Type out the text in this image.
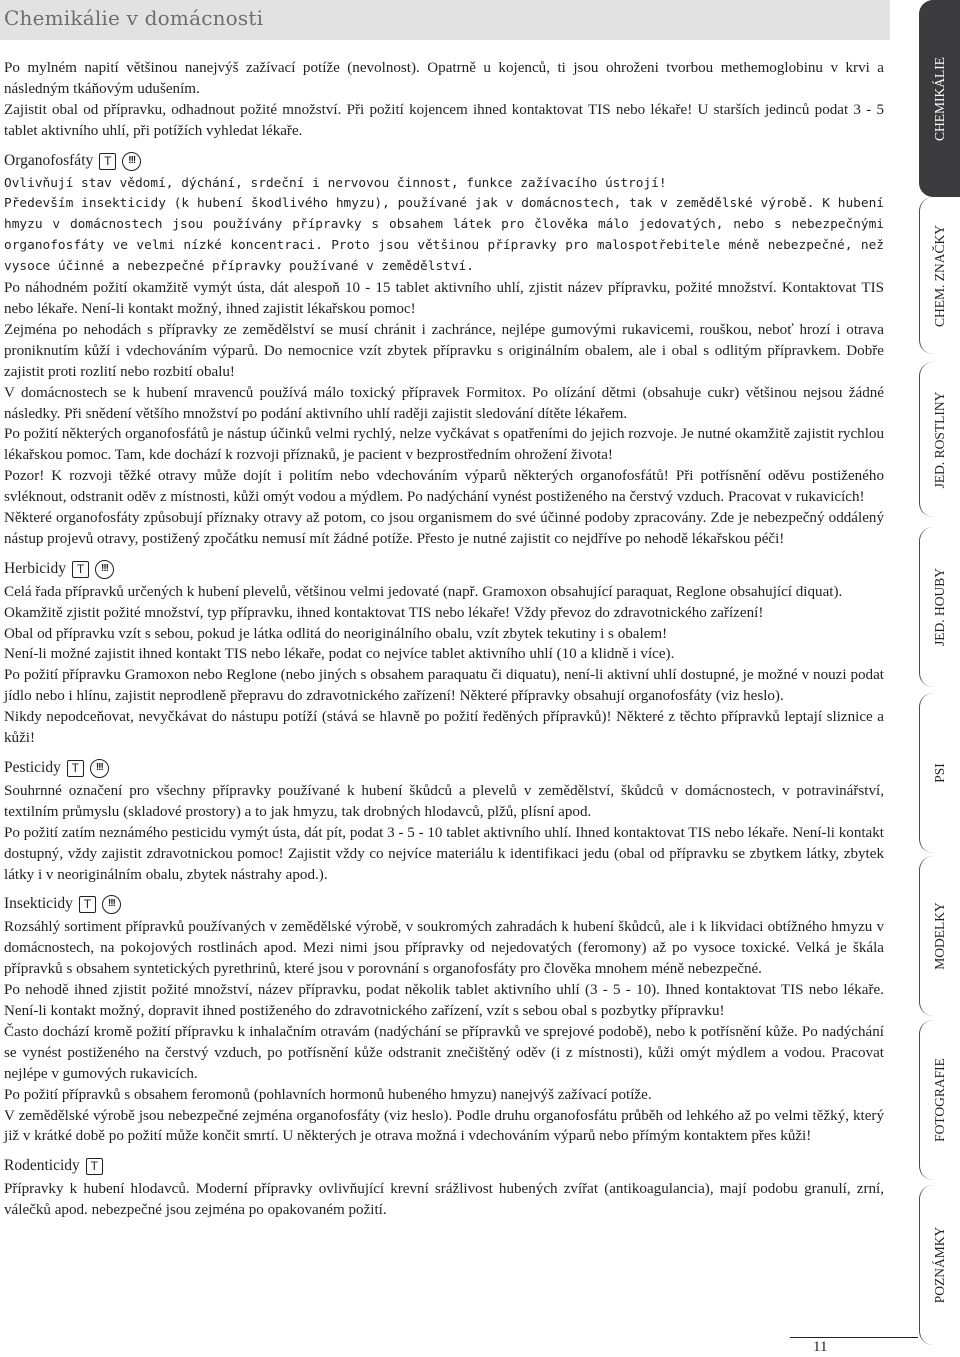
Chemikálie v domácnosti

Po mylném napití většinou nanejvýš zažívací potíže (nevolnost). Opatrně u kojenců, ti jsou ohroženi tvorbou methemoglobinu v krvi a následným tkáňovým udušením.

Zajistit obal od přípravku, odhadnout požité množství. Při požití kojencem ihned kontaktovat TIS nebo lékaře! U starších jedinců podat 3 - 5 tablet aktivního uhlí, při potížích vyhledat lékaře.

Organofosfáty T	!!!

Ovlivňují stav vědomí, dýchání, srdeční i nervovou činnost, funkce zažívacího ústrojí!

Především insekticidy (k hubení škodlivého hmyzu), používané jak v domácnostech, tak v zemědělské výrobě. K hubení hmyzu v domácnostech jsou používány přípravky s obsahem látek pro člověka málo jedovatých, nebo s nebezpečnými organofosfáty ve velmi nízké koncentraci. Proto jsou většinou přípravky pro malospotřebitele méně nebezpečné, než vysoce účinné a nebezpečné přípravky používané v zemědělství.

Po náhodném požití okamžitě vymýt ústa, dát alespoň 10 - 15 tablet aktivního uhlí, zjistit název přípravku, požité množství. Kontaktovat TIS nebo lékaře. Není-li kontakt možný, ihned zajistit lékařskou pomoc!

Zejména po nehodách s přípravky ze zemědělství se musí chránit i zachránce, nejlépe gumovými rukavicemi, rouškou, neboť hrozí i otrava proniknutím kůží i vdechováním výparů. Do nemocnice vzít zbytek přípravku s originálním obalem, ale i obal s odlitým přípravkem. Dobře zajistit proti rozlití nebo rozbití obalu!

V domácnostech se k hubení mravenců používá málo toxický přípravek Formitox. Po olízání dětmi (obsahuje cukr) většinou nejsou žádné následky. Při snědení většího množství po podání aktivního uhlí raději zajistit sledování dítěte lékařem.

Po požití některých organofosfátů je nástup účinků velmi rychlý, nelze vyčkávat s opatřeními do jejich rozvoje. Je nutné okamžitě zajistit rychlou lékařskou pomoc. Tam, kde dochází k rozvoji příznaků, je pacient v bezprostředním ohrožení života!

Pozor! K rozvoji těžké otravy může dojít i politím nebo vdechováním výparů některých organofosfátů! Při potřísnění oděvu postiženého svléknout, odstranit oděv z místnosti, kůži omýt vodou a mýdlem. Po nadýchání vynést postiženého na čerstvý vzduch. Pracovat v rukavicích!

Některé organofosfáty způsobují příznaky otravy až potom, co jsou organismem do své účinné podoby zpracovány. Zde je nebezpečný oddálený nástup projevů otravy, postižený zpočátku nemusí mít žádné potíže. Přesto je nutné zajistit co nejdříve po nehodě lékařskou péči!

Herbicidy T	!!!

Celá řada přípravků určených k hubení plevelů, většinou velmi jedovaté (např. Gramoxon obsahující paraquat, Reglone obsahující diquat).

Okamžitě zjistit požité množství, typ přípravku, ihned kontaktovat TIS nebo lékaře! Vždy převoz do zdravotnického zařízení!

Obal od přípravku vzít s sebou, pokud je látka odlitá do neoriginálního obalu, vzít zbytek tekutiny i s obalem!

Není-li možné zajistit ihned kontakt TIS nebo lékaře, podat co nejvíce tablet aktivního uhlí (10 a klidně i více).

Po požití přípravku Gramoxon nebo Reglone (nebo jiných s obsahem paraquatu či diquatu), není-li aktivní uhlí dostupné, je možné v nouzi podat jídlo nebo i hlínu, zajistit neprodleně přepravu do zdravotnického zařízení! Některé přípravky obsahují organofosfáty (viz heslo).

Nikdy nepodceňovat, nevyčkávat do nástupu potíží (stává se hlavně po požití ředěných přípravků)! Některé z těchto přípravků leptají sliznice a kůži!

Pesticidy T	!!!

Souhrnné označení pro všechny přípravky používané k hubení škůdců a plevelů v zemědělství, škůdců v domácnostech, v potravinářství, textilním průmyslu (skladové prostory) a to jak hmyzu, tak drobných hlodavců, plžů, plísní apod.

Po požití zatím neznámého pesticidu vymýt ústa, dát pít, podat 3 - 5 - 10 tablet aktivního uhlí. Ihned kontaktovat TIS nebo lékaře. Není-li kontakt dostupný, vždy zajistit zdravotnickou pomoc! Zajistit vždy co nejvíce materiálu k identifikaci jedu (obal od přípravku se zbytkem látky, zbytek látky i v neoriginálním obalu, zbytek nástrahy apod.).

Insekticidy T	!!!

Rozsáhlý sortiment přípravků používaných v zemědělské výrobě, v soukromých zahradách k hubení škůdců, ale i k likvidaci obtížného hmyzu v domácnostech, na pokojových rostlinách apod. Mezi nimi jsou přípravky od nejedovatých (feromony) až po vysoce toxické. Velká je škála přípravků s obsahem syntetických pyrethrinů, které jsou v porovnání s organofosfáty pro člověka mnohem méně nebezpečné.

Po nehodě ihned zjistit požité množství, název přípravku, podat několik tablet aktivního uhlí (3 - 5 - 10). Ihned kontaktovat TIS nebo lékaře. Není-li kontakt možný, dopravit ihned postiženého do zdravotnického zařízení, vzít s sebou obal s pozbytky přípravku!

Často dochází kromě požití přípravku k inhalačním otravám (nadýchání se přípravků ve sprejové podobě), nebo k potřísnění kůže. Po nadýchání se vynést postiženého na čerstvý vzduch, po potřísnění kůže odstranit znečištěný oděv (i z místnosti), kůži omýt mýdlem a vodou. Pracovat nejlépe v gumových rukavicích.

Po požití přípravků s obsahem feromonů (pohlavních hormonů hubeného hmyzu) nanejvýš zažívací potíže.

V zemědělské výrobě jsou nebezpečné zejména organofosfáty (viz heslo). Podle druhu organofosfátu průběh od lehkého až po velmi těžký, který již v krátké době po požití může končit smrtí. U některých je otrava možná i vdechováním výparů nebo přímým kontaktem přes kůži!

Rodenticidy T

Přípravky k hubení hlodavců. Moderní přípravky ovlivňující krevní srážlivost hubených zvířat (antikoagulancia), mají podobu granulí, zrní, válečků apod. nebezpečné jsou zejména po opakovaném požití.

CHEMIKÁLIE
CHEM. ZNAČKY
JED. ROSTLINY
JED. HOUBY
PSI
MODELKY
FOTOGRAFIE
POZNÁMKY
11
